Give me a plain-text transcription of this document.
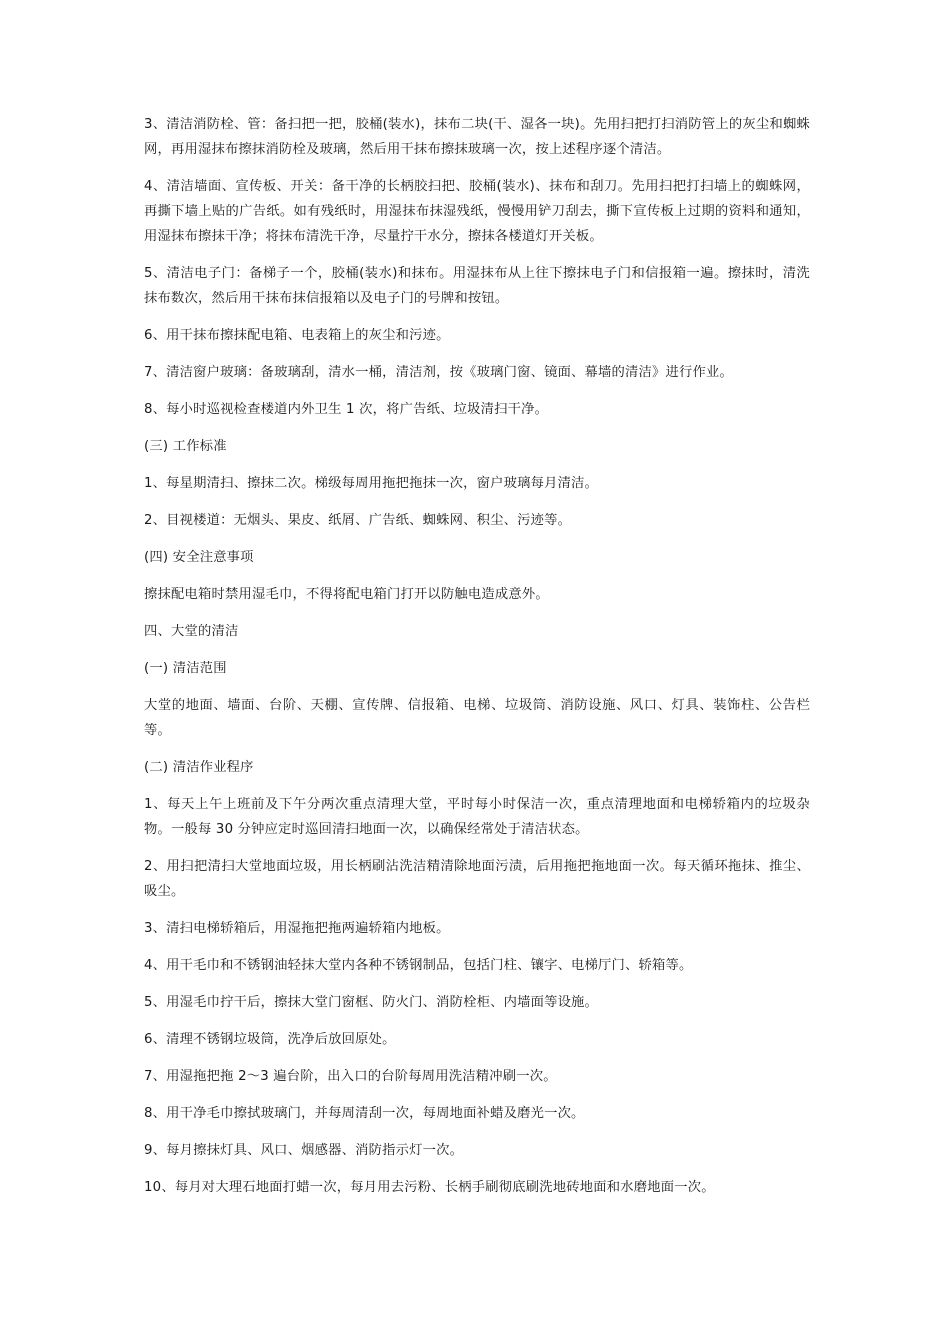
3、清洁消防栓、管：备扫把一把，胶桶(装水)，抹布二块(干、湿各一块)。先用扫把打扫消防管上的灰尘和蜘蛛网，再用湿抹布擦抹消防栓及玻璃，然后用干抹布擦抹玻璃一次，按上述程序逐个清洁。

4、清洁墙面、宣传板、开关：备干净的长柄胶扫把、胶桶(装水)、抹布和刮刀。先用扫把打扫墙上的蜘蛛网，再撕下墙上贴的广告纸。如有残纸时，用湿抹布抹湿残纸，慢慢用铲刀刮去，撕下宣传板上过期的资料和通知，用湿抹布擦抹干净；将抹布清洗干净，尽量拧干水分，擦抹各楼道灯开关板。

5、清洁电子门：备梯子一个，胶桶(装水)和抹布。用湿抹布从上往下擦抹电子门和信报箱一遍。擦抹时，清洗抹布数次，然后用干抹布抹信报箱以及电子门的号牌和按钮。

6、用干抹布擦抹配电箱、电表箱上的灰尘和污迹。

7、清洁窗户玻璃：备玻璃刮，清水一桶，清洁剂，按《玻璃门窗、镜面、幕墙的清洁》进行作业。

8、每小时巡视检查楼道内外卫生 1 次，将广告纸、垃圾清扫干净。

(三) 工作标准

1、每星期清扫、擦抹二次。梯级每周用拖把拖抹一次，窗户玻璃每月清洁。

2、目视楼道：无烟头、果皮、纸屑、广告纸、蜘蛛网、积尘、污迹等。

(四) 安全注意事项

擦抹配电箱时禁用湿毛巾，不得将配电箱门打开以防触电造成意外。

四、大堂的清洁

(一) 清洁范围

大堂的地面、墙面、台阶、天棚、宣传牌、信报箱、电梯、垃圾筒、消防设施、风口、灯具、装饰柱、公告栏等。

(二) 清洁作业程序

1、每天上午上班前及下午分两次重点清理大堂，平时每小时保洁一次，重点清理地面和电梯轿箱内的垃圾杂物。一般每 30 分钟应定时巡回清扫地面一次，以确保经常处于清洁状态。

2、用扫把清扫大堂地面垃圾，用长柄刷沾洗洁精清除地面污渍，后用拖把拖地面一次。每天循环拖抹、推尘、吸尘。

3、清扫电梯轿箱后，用湿拖把拖两遍轿箱内地板。

4、用干毛巾和不锈钢油轻抹大堂内各种不锈钢制品，包括门柱、镶字、电梯厅门、轿箱等。

5、用湿毛巾拧干后，擦抹大堂门窗框、防火门、消防栓柜、内墙面等设施。

6、清理不锈钢垃圾筒，洗净后放回原处。

7、用湿拖把拖 2～3 遍台阶，出入口的台阶每周用洗洁精冲刷一次。

8、用干净毛巾擦拭玻璃门，并每周清刮一次，每周地面补蜡及磨光一次。

9、每月擦抹灯具、风口、烟感器、消防指示灯一次。

10、每月对大理石地面打蜡一次，每月用去污粉、长柄手刷彻底刷洗地砖地面和水磨地面一次。
